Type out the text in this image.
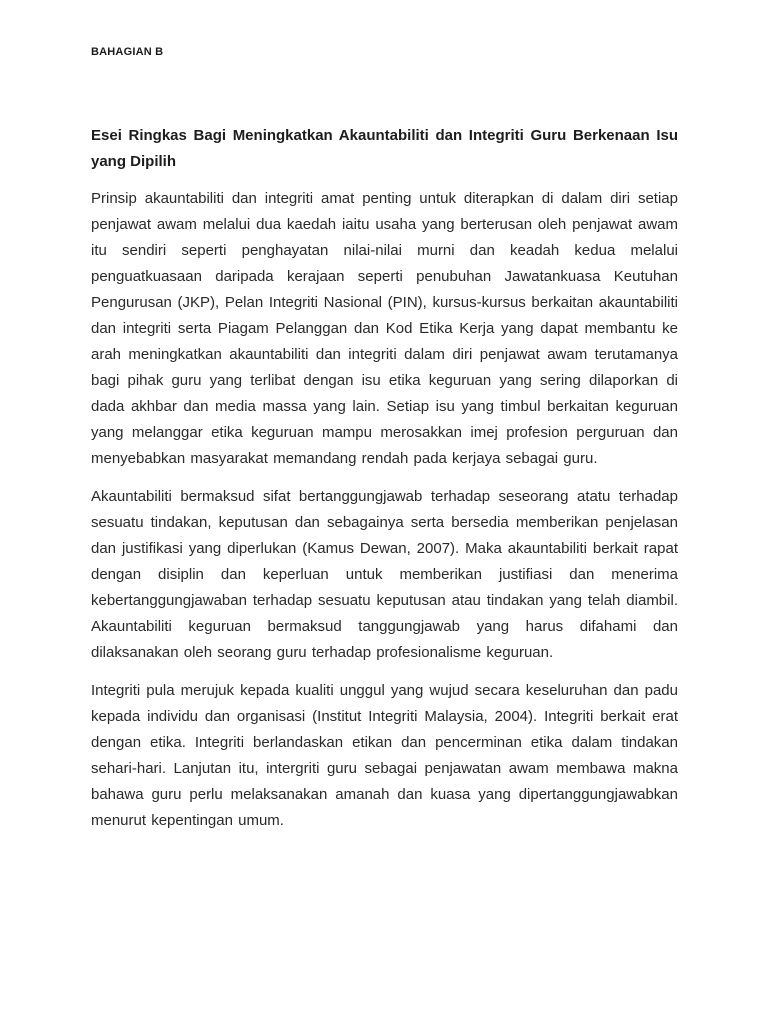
BAHAGIAN B
Esei Ringkas Bagi Meningkatkan Akauntabiliti dan Integriti Guru Berkenaan Isu yang Dipilih

Prinsip akauntabiliti dan integriti amat penting untuk diterapkan di dalam diri setiap penjawat awam melalui dua kaedah iaitu usaha yang berterusan oleh penjawat awam itu sendiri seperti penghayatan nilai-nilai murni dan keadah kedua melalui penguatkuasaan daripada kerajaan seperti penubuhan Jawatankuasa Keutuhan Pengurusan (JKP), Pelan Integriti Nasional (PIN), kursus-kursus berkaitan akauntabiliti dan integriti serta Piagam Pelanggan dan Kod Etika Kerja yang dapat membantu ke arah meningkatkan akauntabiliti dan integriti dalam diri penjawat awam terutamanya bagi pihak guru yang terlibat dengan isu etika keguruan yang sering dilaporkan di dada akhbar dan media massa yang lain. Setiap isu yang timbul berkaitan keguruan yang melanggar etika keguruan mampu merosakkan imej profesion perguruan dan menyebabkan masyarakat memandang rendah pada kerjaya sebagai guru.

Akauntabiliti bermaksud sifat bertanggungjawab terhadap seseorang atatu terhadap sesuatu tindakan, keputusan dan sebagainya serta bersedia memberikan penjelasan dan justifikasi yang diperlukan (Kamus Dewan, 2007). Maka akauntabiliti berkait rapat dengan disiplin dan keperluan untuk memberikan justifiasi dan menerima kebertanggungjawaban terhadap sesuatu keputusan atau tindakan yang telah diambil. Akauntabiliti keguruan bermaksud tanggungjawab yang harus difahami dan dilaksanakan oleh seorang guru terhadap profesionalisme keguruan.

Integriti pula merujuk kepada kualiti unggul yang wujud secara keseluruhan dan padu kepada individu dan organisasi (Institut Integriti Malaysia, 2004). Integriti berkait erat dengan etika. Integriti berlandaskan etikan dan pencerminan etika dalam tindakan sehari-hari. Lanjutan itu, intergriti guru sebagai penjawatan awam membawa makna bahawa guru perlu melaksanakan amanah dan kuasa yang dipertanggungjawabkan menurut kepentingan umum.
